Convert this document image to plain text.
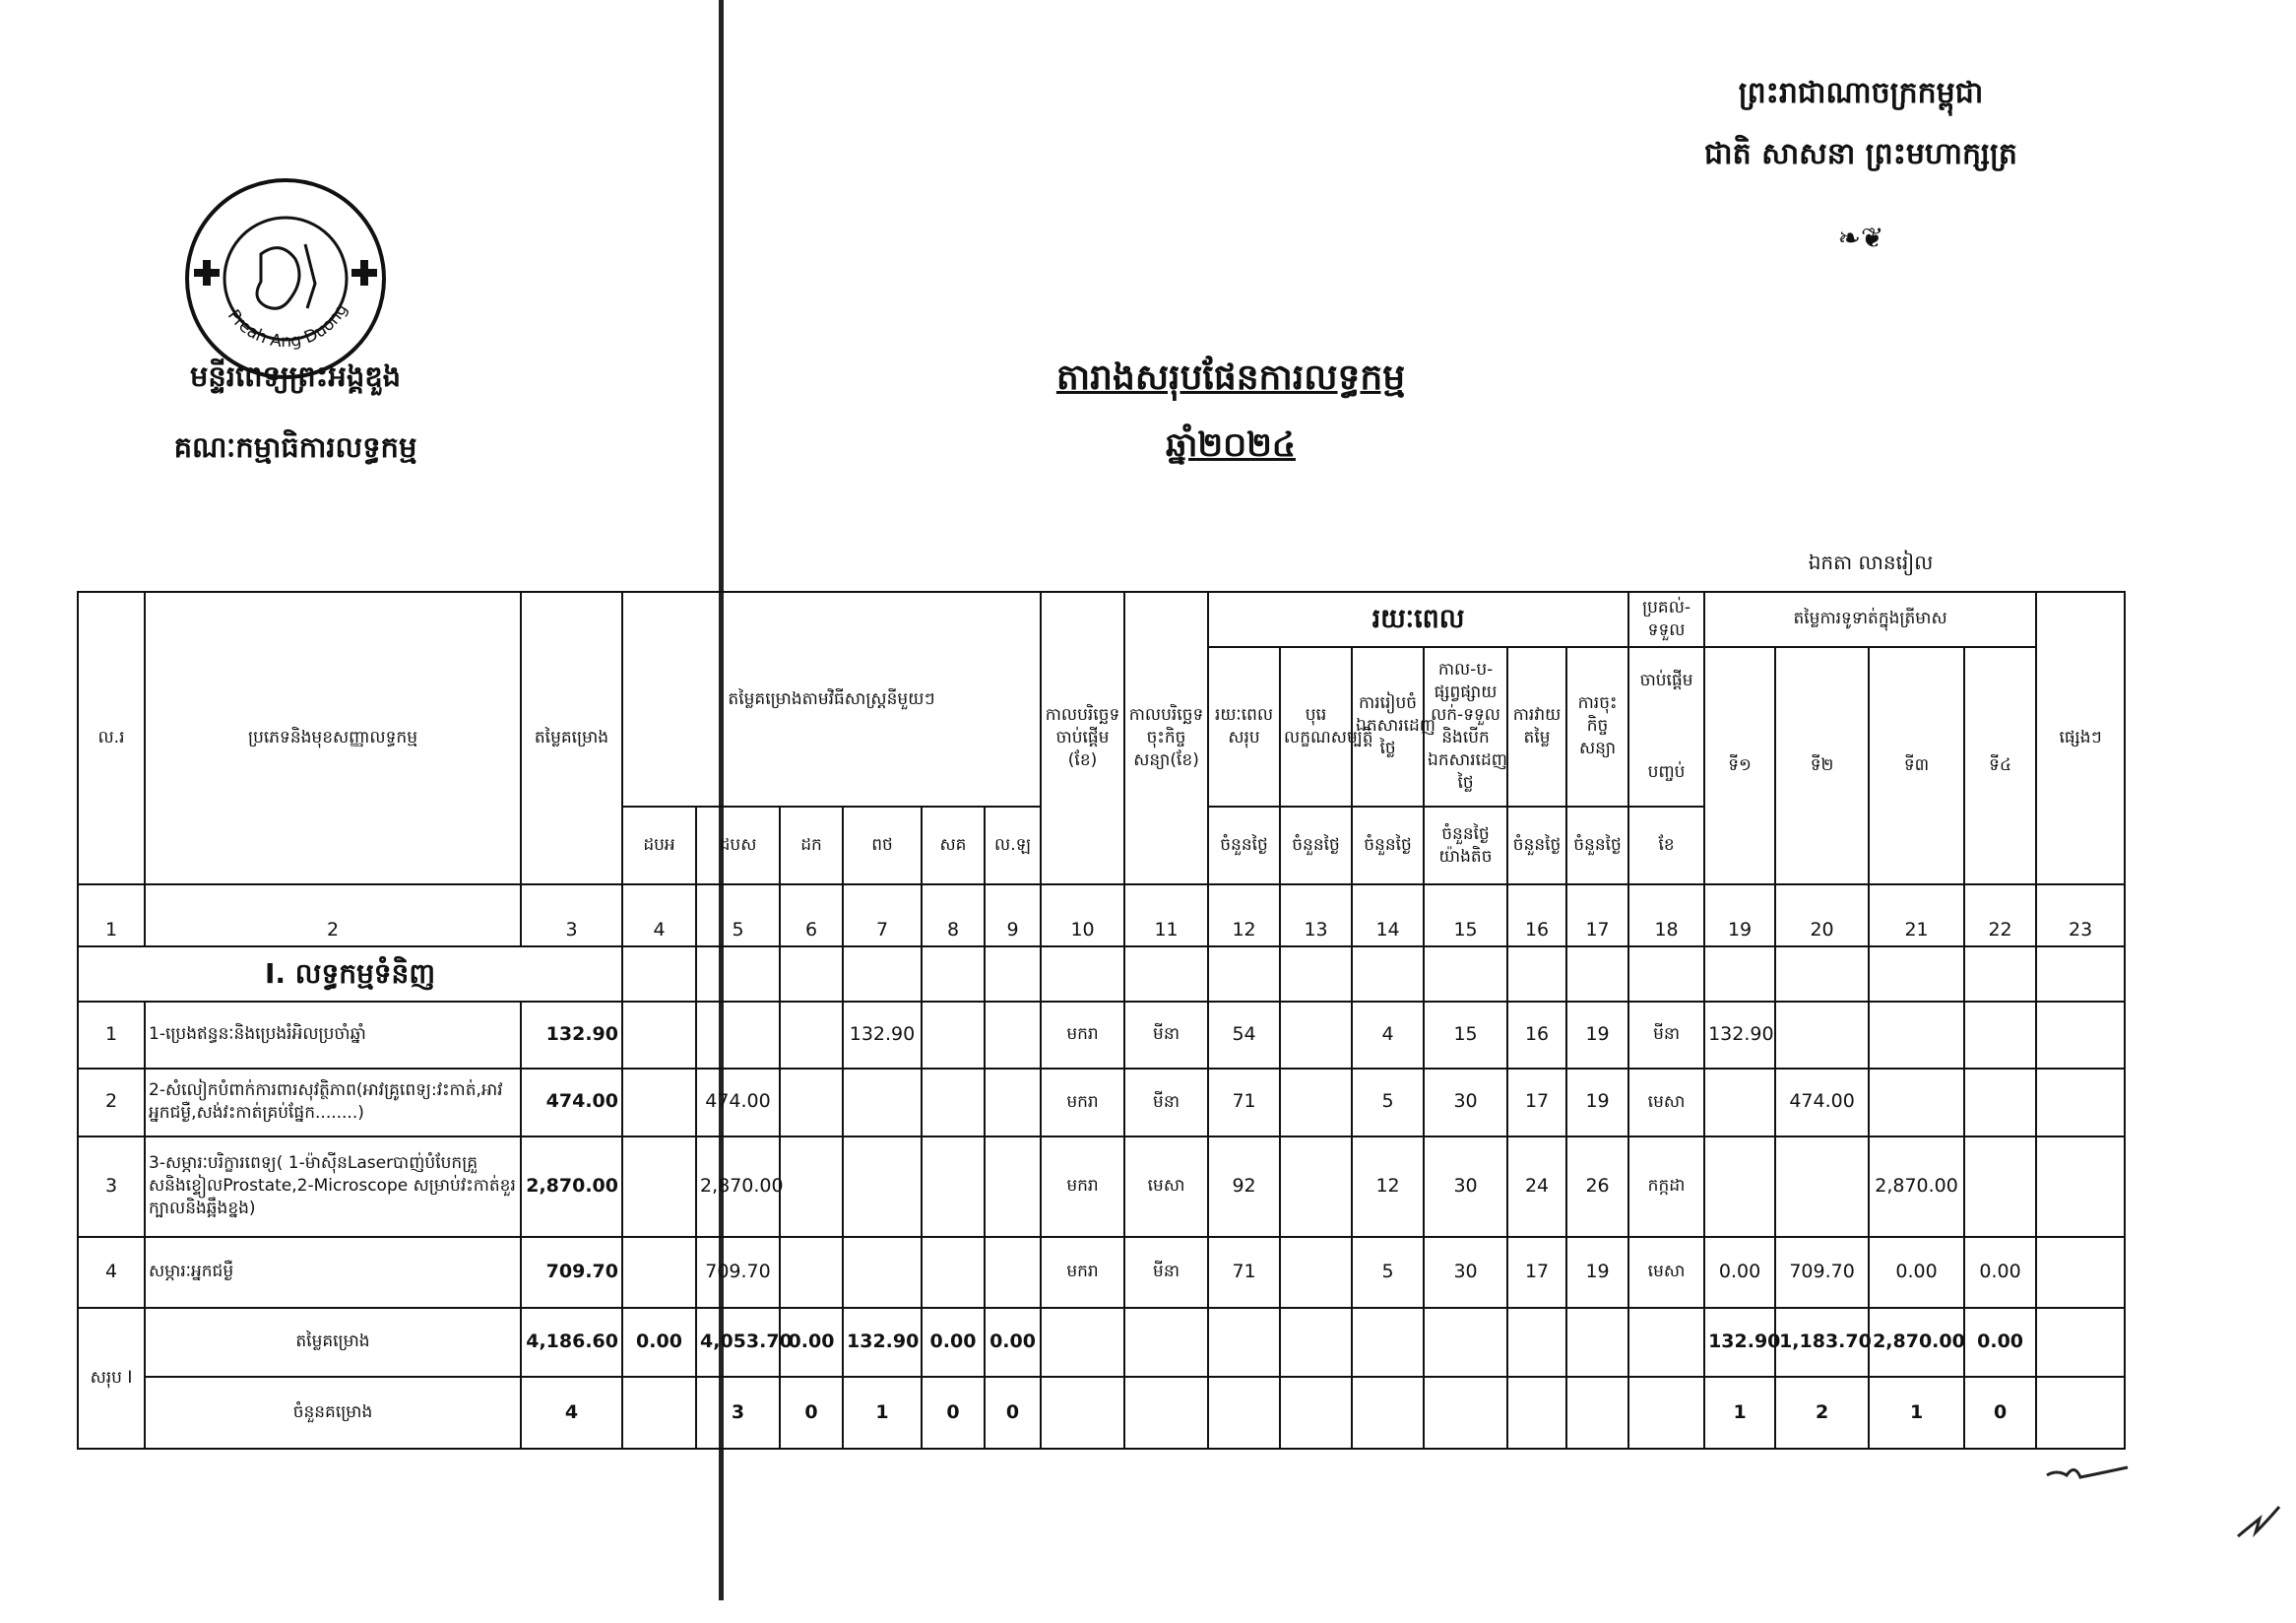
ព្រះរាជាណាចក្រកម្ពុជា
ជាតិ សាសនា ព្រះមហាក្សត្រ
❧❦
Preah Ang Duong
មន្ទីរពេទ្យព្រះអង្គឌួង
គណៈកម្មាធិការលទ្ធកម្ម
តារាងសរុបផែនការលទ្ធកម្ម
ឆ្នាំ២០២៤
ឯកតា លានរៀល
ល.រ	ប្រភេទនិងមុខសញ្ញាលទ្ធកម្ម	តម្លៃគម្រោង	តម្លៃគម្រោងតាមវិធីសាស្ត្រនីមួយៗ						កាលបរិច្ឆេទចាប់ផ្តើម (ខែ)	កាលបរិច្ឆេទចុះកិច្ចសន្យា(ខែ)	រយៈពេល						ប្រគល់-ទទួល	តម្លៃការទូទាត់ក្នុងត្រីមាស				ផ្សេងៗ
											រយៈពេលសរុប	បុរេលក្ខណសម្បត្តិ	ការរៀបចំឯកសារដេញថ្លៃ	កាល-ប-ផ្សព្វផ្សាយលក់-ទទួលនិងបើកឯកសារដេញថ្លៃ	ការវាយតម្លៃ	ការចុះកិច្ចសន្យា	ចាប់ផ្តើម
បញ្ចប់	ទី១	ទី២	ទី៣	ទី៤	
			ដបអ	ដបស	ដក	ពថ	សគ	ល.ឡ			ចំនួនថ្ងៃ	ចំនួនថ្ងៃ	ចំនួនថ្ងៃ	ចំនួនថ្ងៃយ៉ាងតិច	ចំនួនថ្ងៃ	ចំនួនថ្ងៃ	ខែ					
1	2	3	4	5	6	7	8	9	10	11	12	13	14	15	16	17	18	19	20	21	22	23
I. លទ្ធកម្មទំនិញ																						
1	1-ប្រេងឥន្ធនៈនិងប្រេងរំអិលប្រចាំឆ្នាំ	132.90				132.90			មករា	មីនា	54		4	15	16	19	មីនា	132.90				
2	2-សំលៀកបំពាក់ការពារសុវត្ថិភាព(អាវគ្រូពេទ្យ:វះកាត់,អាវអ្នកជម្ងឺ,សង់វះកាត់គ្រប់ផ្នែក........)	474.00		474.00					មករា	មីនា	71		5	30	17	19	មេសា		474.00			
3	3-សម្ភារៈបរិក្ខារពេទ្យ( 1-ម៉ាស៊ីនLaserបាញ់បំបែកគ្រួសនិងខ្ទៀលProstate,2-Microscope សម្រាប់វះកាត់ខួរក្បាលនិងឆ្អឹងខ្នង)	2,870.00		2,870.00					មករា	មេសា	92		12	30	24	26	កក្កដា			2,870.00		
4	សម្ភារៈអ្នកជម្ងឺ	709.70		709.70					មករា	មីនា	71		5	30	17	19	មេសា	0.00	709.70	0.00	0.00	
សរុប I	តម្លៃគម្រោង	4,186.60	0.00	4,053.70	0.00	132.90	0.00	0.00										132.90	1,183.70	2,870.00	0.00	
	ចំនួនគម្រោង	4		3	0	1	0	0										1	2	1	0	
